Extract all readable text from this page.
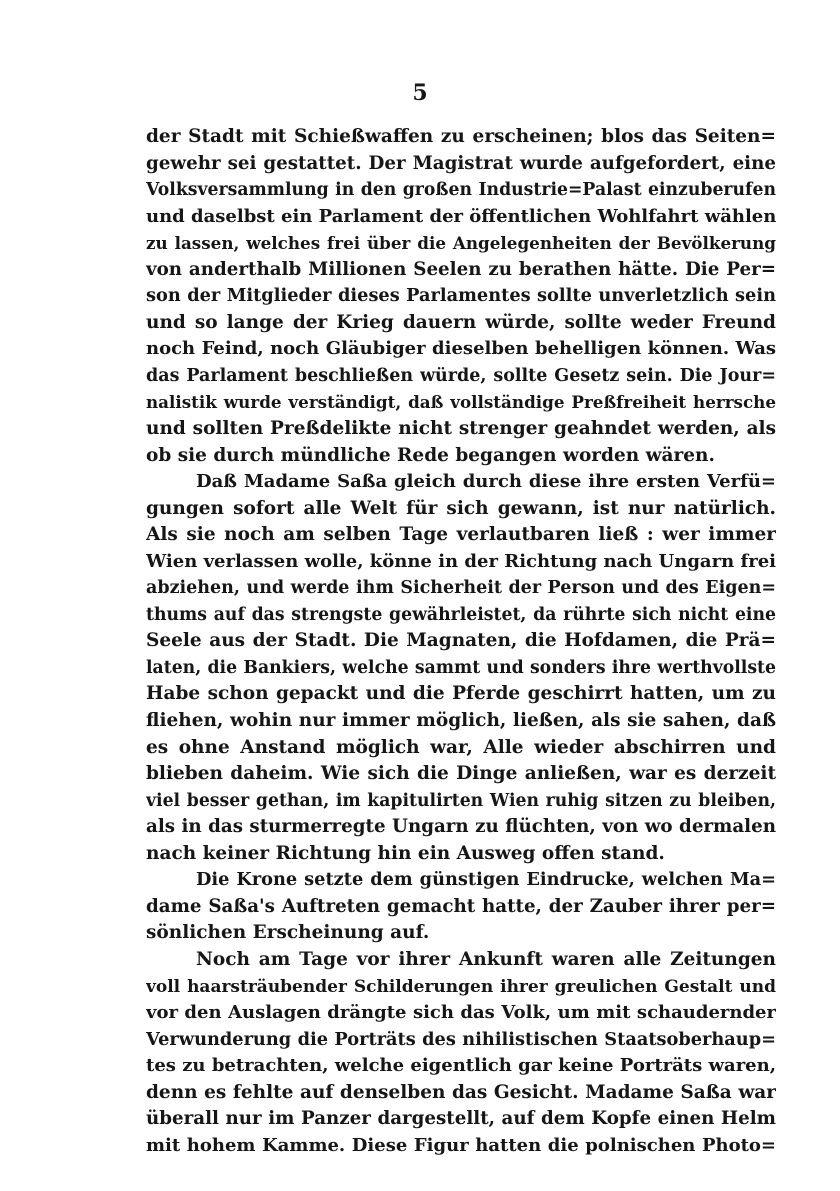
5
der Stadt mit Schießwaffen zu erscheinen; blos das Seiten=
gewehr sei gestattet. Der Magistrat wurde aufgefordert, eine
Volksversammlung in den großen Industrie=Palast einzuberufen
und daselbst ein Parlament der öffentlichen Wohlfahrt wählen
zu lassen, welches frei über die Angelegenheiten der Bevölkerung
von anderthalb Millionen Seelen zu berathen hätte. Die Per=
son der Mitglieder dieses Parlamentes sollte unverletzlich sein
und so lange der Krieg dauern würde, sollte weder Freund
noch Feind, noch Gläubiger dieselben behelligen können. Was
das Parlament beschließen würde, sollte Gesetz sein. Die Jour=
nalistik wurde verständigt, daß vollständige Preßfreiheit herrsche
und sollten Preßdelikte nicht strenger geahndet werden, als
ob sie durch mündliche Rede begangen worden wären.
Daß Madame Saßa gleich durch diese ihre ersten Verfü=
gungen sofort alle Welt für sich gewann, ist nur natürlich.
Als sie noch am selben Tage verlautbaren ließ : wer immer
Wien verlassen wolle, könne in der Richtung nach Ungarn frei
abziehen, und werde ihm Sicherheit der Person und des Eigen=
thums auf das strengste gewährleistet, da rührte sich nicht eine
Seele aus der Stadt. Die Magnaten, die Hofdamen, die Prä=
laten, die Bankiers, welche sammt und sonders ihre werthvollste
Habe schon gepackt und die Pferde geschirrt hatten, um zu
fliehen, wohin nur immer möglich, ließen, als sie sahen, daß
es ohne Anstand möglich war, Alle wieder abschirren und
blieben daheim. Wie sich die Dinge anließen, war es derzeit
viel besser gethan, im kapitulirten Wien ruhig sitzen zu bleiben,
als in das sturmerregte Ungarn zu flüchten, von wo dermalen
nach keiner Richtung hin ein Ausweg offen stand.
Die Krone setzte dem günstigen Eindrucke, welchen Ma=
dame Saßa's Auftreten gemacht hatte, der Zauber ihrer per=
sönlichen Erscheinung auf.
Noch am Tage vor ihrer Ankunft waren alle Zeitungen
voll haarsträubender Schilderungen ihrer greulichen Gestalt und
vor den Auslagen drängte sich das Volk, um mit schaudernder
Verwunderung die Porträts des nihilistischen Staatsoberhaup=
tes zu betrachten, welche eigentlich gar keine Porträts waren,
denn es fehlte auf denselben das Gesicht. Madame Saßa war
überall nur im Panzer dargestellt, auf dem Kopfe einen Helm
mit hohem Kamme. Diese Figur hatten die polnischen Photo=
